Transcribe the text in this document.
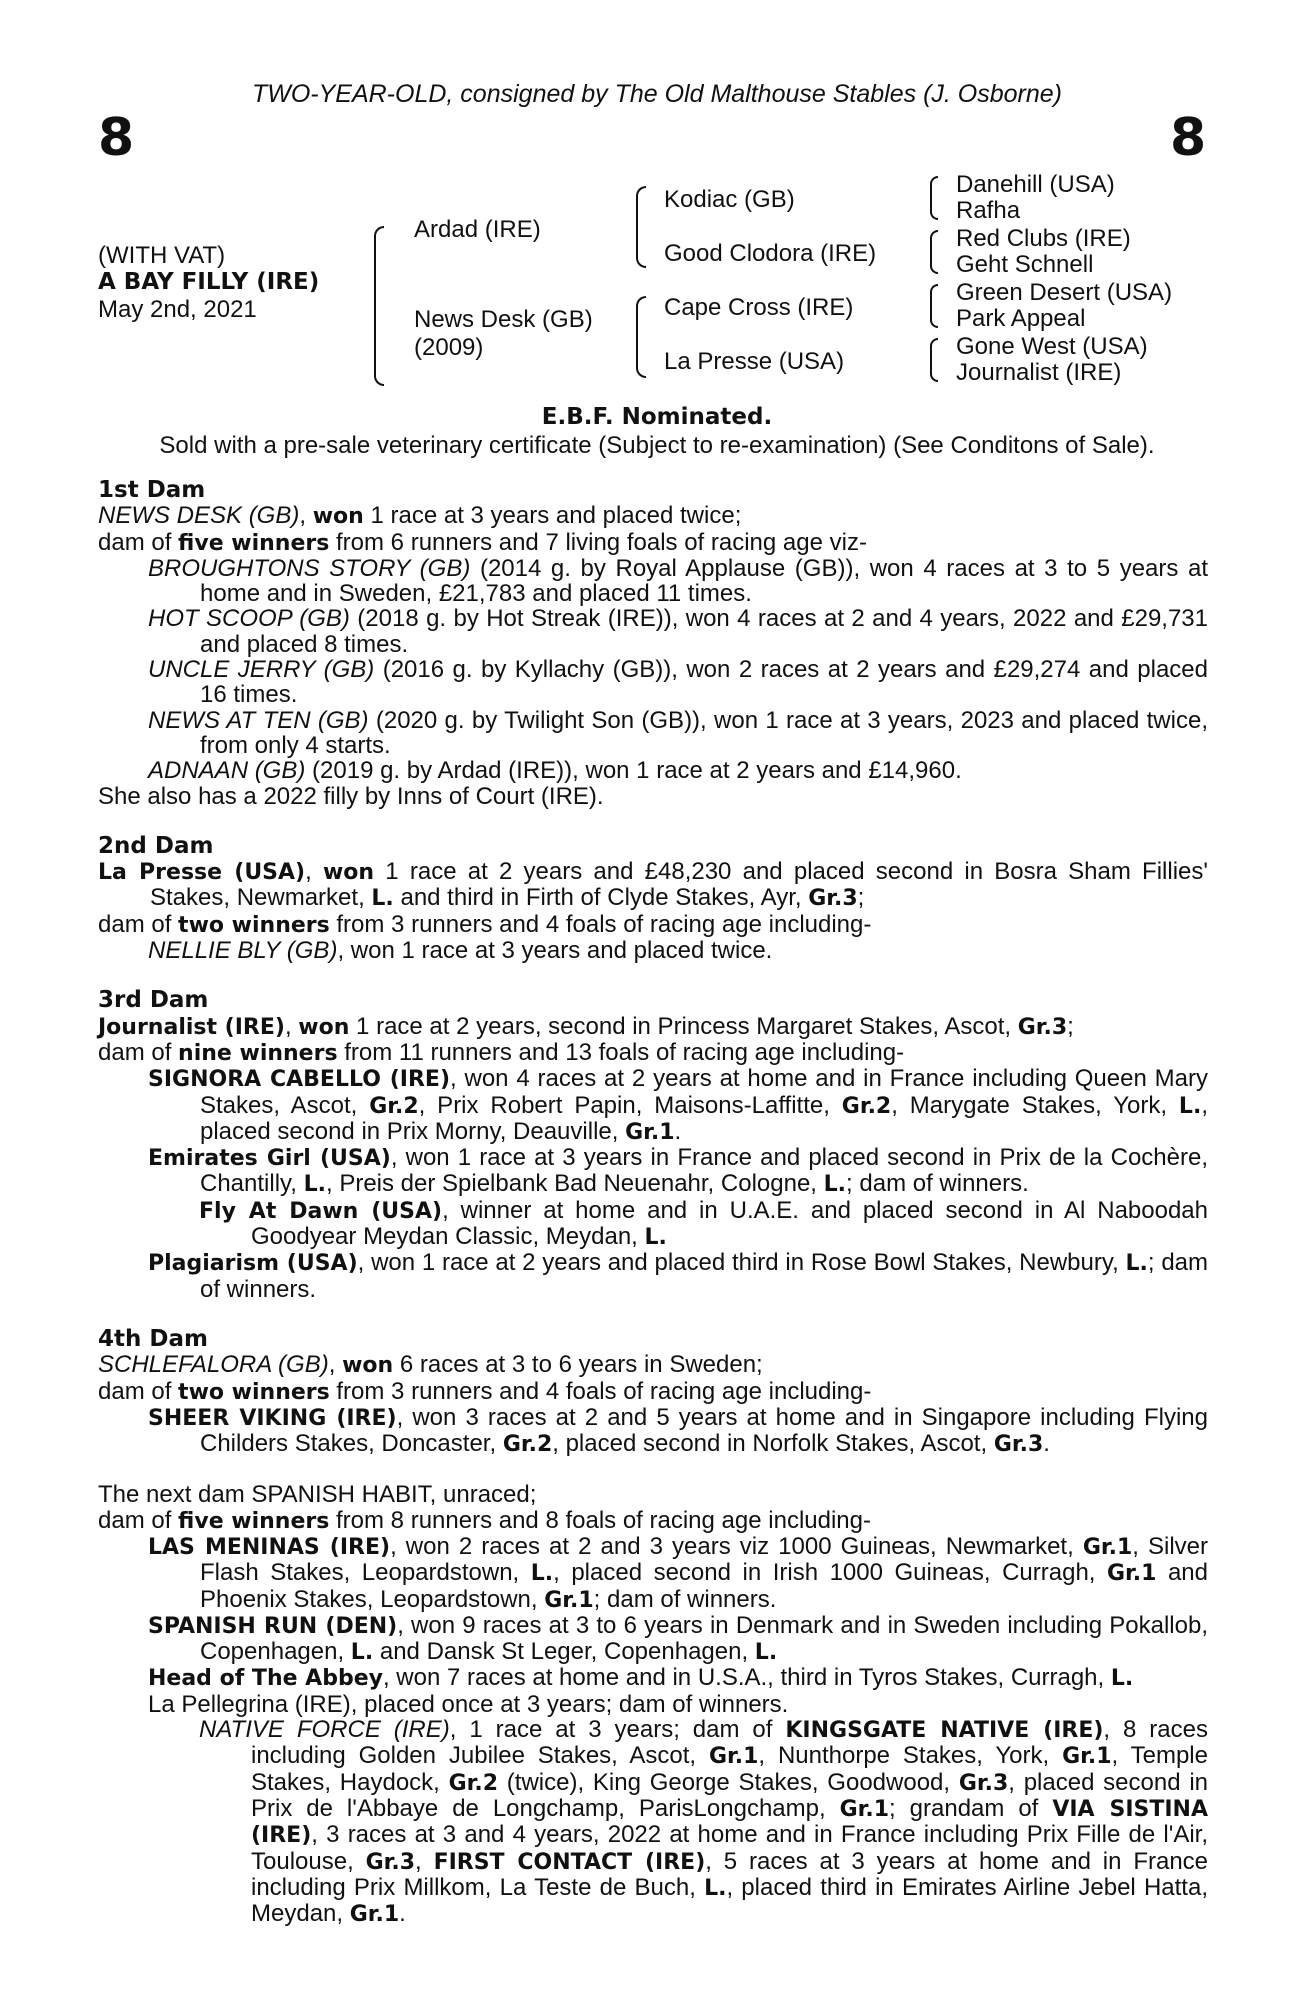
TWO-YEAR-OLD, consigned by The Old Malthouse Stables (J. Osborne)
8	8
(WITH VAT)
A BAY FILLY (IRE)
May 2nd, 2021
Ardad (IRE)
News Desk (GB)
(2009)
Kodiac (GB)
Good Clodora (IRE)
Cape Cross (IRE)
La Presse (USA)
Danehill (USA)
Rafha
Red Clubs (IRE)
Geht Schnell
Green Desert (USA)
Park Appeal
Gone West (USA)
Journalist (IRE)
E.B.F. Nominated.
Sold with a pre-sale veterinary certificate (Subject to re-examination) (See Conditons of Sale).

1st Dam

NEWS DESK (GB), won 1 race at 3 years and placed twice;

dam of five winners from 6 runners and 7 living foals of racing age viz-

BROUGHTONS STORY (GB) (2014 g. by Royal Applause (GB)), won 4 races at 3 to 5 years at home and in Sweden, £21,783 and placed 11 times.

HOT SCOOP (GB) (2018 g. by Hot Streak (IRE)), won 4 races at 2 and 4 years, 2022 and £29,731 and placed 8 times.

UNCLE JERRY (GB) (2016 g. by Kyllachy (GB)), won 2 races at 2 years and £29,274 and placed 16 times.

NEWS AT TEN (GB) (2020 g. by Twilight Son (GB)), won 1 race at 3 years, 2023 and placed twice, from only 4 starts.

ADNAAN (GB) (2019 g. by Ardad (IRE)), won 1 race at 2 years and £14,960.

She also has a 2022 filly by Inns of Court (IRE).

2nd Dam

La Presse (USA), won 1 race at 2 years and £48,230 and placed second in Bosra Sham Fillies' Stakes, Newmarket, L. and third in Firth of Clyde Stakes, Ayr, Gr.3;

dam of two winners from 3 runners and 4 foals of racing age including-

NELLIE BLY (GB), won 1 race at 3 years and placed twice.

3rd Dam

Journalist (IRE), won 1 race at 2 years, second in Princess Margaret Stakes, Ascot, Gr.3;

dam of nine winners from 11 runners and 13 foals of racing age including-

SIGNORA CABELLO (IRE), won 4 races at 2 years at home and in France including Queen Mary Stakes, Ascot, Gr.2, Prix Robert Papin, Maisons-Laffitte, Gr.2, Marygate Stakes, York, L., placed second in Prix Morny, Deauville, Gr.1.

Emirates Girl (USA), won 1 race at 3 years in France and placed second in Prix de la Cochère, Chantilly, L., Preis der Spielbank Bad Neuenahr, Cologne, L.; dam of winners.

Fly At Dawn (USA), winner at home and in U.A.E. and placed second in Al Naboodah Goodyear Meydan Classic, Meydan, L.

Plagiarism (USA), won 1 race at 2 years and placed third in Rose Bowl Stakes, Newbury, L.; dam of winners.

4th Dam

SCHLEFALORA (GB), won 6 races at 3 to 6 years in Sweden;

dam of two winners from 3 runners and 4 foals of racing age including-

SHEER VIKING (IRE), won 3 races at 2 and 5 years at home and in Singapore including Flying Childers Stakes, Doncaster, Gr.2, placed second in Norfolk Stakes, Ascot, Gr.3.

The next dam SPANISH HABIT, unraced;

dam of five winners from 8 runners and 8 foals of racing age including-

LAS MENINAS (IRE), won 2 races at 2 and 3 years viz 1000 Guineas, Newmarket, Gr.1, Silver Flash Stakes, Leopardstown, L., placed second in Irish 1000 Guineas, Curragh, Gr.1 and Phoenix Stakes, Leopardstown, Gr.1; dam of winners.

SPANISH RUN (DEN), won 9 races at 3 to 6 years in Denmark and in Sweden including Pokallob, Copenhagen, L. and Dansk St Leger, Copenhagen, L.

Head of The Abbey, won 7 races at home and in U.S.A., third in Tyros Stakes, Curragh, L.

La Pellegrina (IRE), placed once at 3 years; dam of winners.

NATIVE FORCE (IRE), 1 race at 3 years; dam of KINGSGATE NATIVE (IRE), 8 races including Golden Jubilee Stakes, Ascot, Gr.1, Nunthorpe Stakes, York, Gr.1, Temple Stakes, Haydock, Gr.2 (twice), King George Stakes, Goodwood, Gr.3, placed second in Prix de l'Abbaye de Longchamp, ParisLongchamp, Gr.1; grandam of VIA SISTINA (IRE), 3 races at 3 and 4 years, 2022 at home and in France including Prix Fille de l'Air, Toulouse, Gr.3, FIRST CONTACT (IRE), 5 races at 3 years at home and in France including Prix Millkom, La Teste de Buch, L., placed third in Emirates Airline Jebel Hatta, Meydan, Gr.1.
